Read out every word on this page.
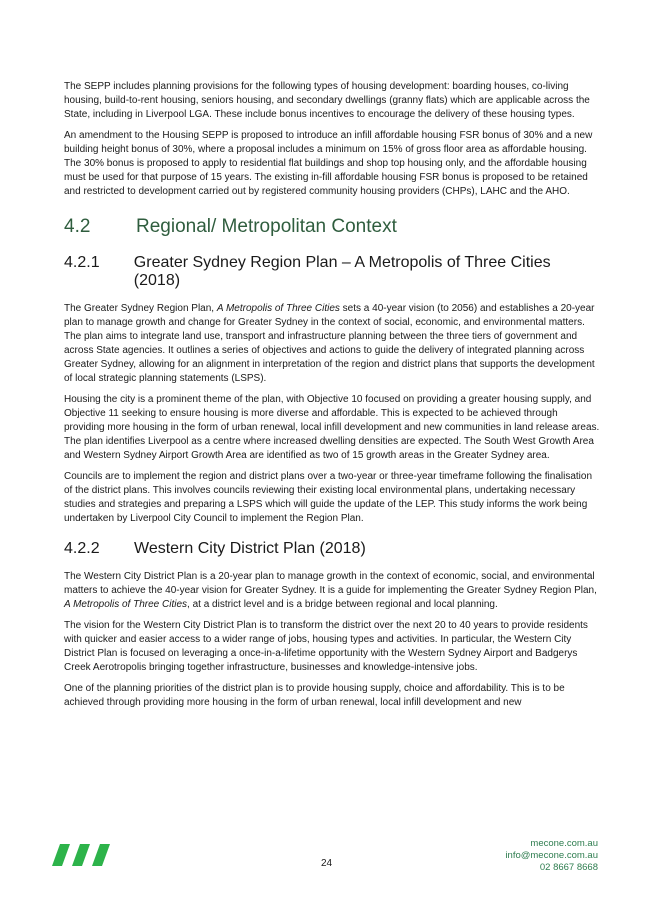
The SEPP includes planning provisions for the following types of housing development: boarding houses, co-living housing, build-to-rent housing, seniors housing, and secondary dwellings (granny flats) which are applicable across the State, including in Liverpool LGA. These include bonus incentives to encourage the delivery of these housing types.

An amendment to the Housing SEPP is proposed to introduce an infill affordable housing FSR bonus of 30% and a new building height bonus of 30%, where a proposal includes a minimum on 15% of gross floor area as affordable housing. The 30% bonus is proposed to apply to residential flat buildings and shop top housing only, and the affordable housing must be used for that purpose of 15 years. The existing in-fill affordable housing FSR bonus is proposed to be retained and restricted to development carried out by registered community housing providers (CHPs), LAHC and the AHO.

4.2	Regional/ Metropolitan Context
4.2.1	Greater Sydney Region Plan – A Metropolis of Three Cities (2018)

The Greater Sydney Region Plan, A Metropolis of Three Cities sets a 40-year vision (to 2056) and establishes a 20-year plan to manage growth and change for Greater Sydney in the context of social, economic, and environmental matters. The plan aims to integrate land use, transport and infrastructure planning between the three tiers of government and across State agencies. It outlines a series of objectives and actions to guide the delivery of integrated planning across Greater Sydney, allowing for an alignment in interpretation of the region and district plans that supports the development of local strategic planning statements (LSPS).

Housing the city is a prominent theme of the plan, with Objective 10 focused on providing a greater housing supply, and Objective 11 seeking to ensure housing is more diverse and affordable. This is expected to be achieved through providing more housing in the form of urban renewal, local infill development and new communities in land release areas. The plan identifies Liverpool as a centre where increased dwelling densities are expected. The South West Growth Area and Western Sydney Airport Growth Area are identified as two of 15 growth areas in the Greater Sydney area.

Councils are to implement the region and district plans over a two-year or three-year timeframe following the finalisation of the district plans. This involves councils reviewing their existing local environmental plans, undertaking necessary studies and strategies and preparing a LSPS which will guide the update of the LEP. This study informs the work being undertaken by Liverpool City Council to implement the Region Plan.

4.2.2	Western City District Plan (2018)

The Western City District Plan is a 20-year plan to manage growth in the context of economic, social, and environmental matters to achieve the 40-year vision for Greater Sydney. It is a guide for implementing the Greater Sydney Region Plan, A Metropolis of Three Cities, at a district level and is a bridge between regional and local planning.

The vision for the Western City District Plan is to transform the district over the next 20 to 40 years to provide residents with quicker and easier access to a wider range of jobs, housing types and activities. In particular, the Western City District Plan is focused on leveraging a once-in-a-lifetime opportunity with the Western Sydney Airport and Badgerys Creek Aerotropolis bringing together infrastructure, businesses and knowledge-intensive jobs.

One of the planning priorities of the district plan is to provide housing supply, choice and affordability. This is to be achieved through providing more housing in the form of urban renewal, local infill development and new

24
mecone.com.au
info@mecone.com.au
02 8667 8668
